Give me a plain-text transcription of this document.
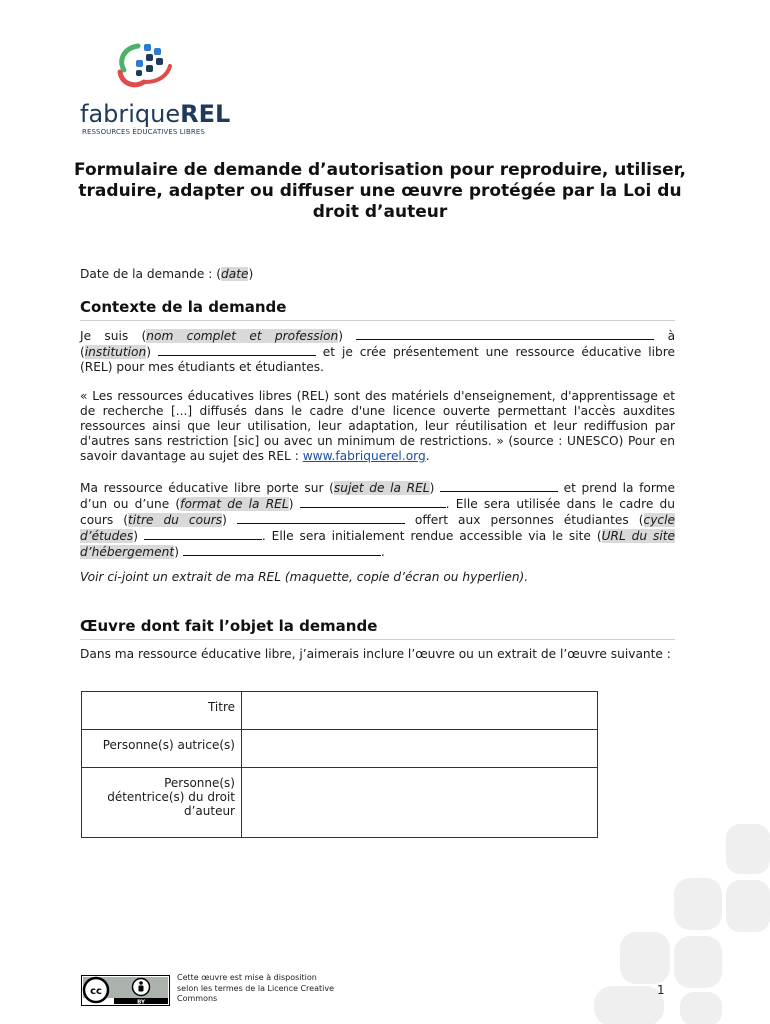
fabriqueREL
RESSOURCES ÉDUCATIVES LIBRES
Formulaire de demande d’autorisation pour reproduire, utiliser, traduire, adapter ou diffuser une œuvre protégée par la Loi du droit d’auteur
Date de la demande : (date)
Contexte de la demande
Je suis (nom complet et profession)	à (institution)	et je crée présentement une ressource éducative libre (REL) pour mes étudiants et étudiantes.
« Les ressources éducatives libres (REL) sont des matériels d'enseignement, d'apprentissage et de recherche [...] diffusés dans le cadre d'une licence ouverte permettant l'accès auxdites ressources ainsi que leur utilisation, leur adaptation, leur réutilisation et leur rediffusion par d'autres sans restriction [sic] ou avec un minimum de restrictions. » (source : UNESCO) Pour en savoir davantage au sujet des REL : www.fabriquerel.org.
Ma ressource éducative libre porte sur (sujet de la REL)	et prend la forme d’un ou d’une (format de la REL)	. Elle sera utilisée dans le cadre du cours (titre du cours)	offert aux personnes étudiantes (cycle d’études)	. Elle sera initialement rendue accessible via le site (URL du site d’hébergement)	.
Voir ci-joint un extrait de ma REL (maquette, copie d’écran ou hyperlien).
Œuvre dont fait l’objet la demande
Dans ma ressource éducative libre, j’aimerais inclure l’œuvre ou un extrait de l’œuvre suivante :
Titre	
Personne(s) autrice(s)	
Personne(s) détentrice(s) du droit d’auteur	
cc
BY
Cette œuvre est mise à disposition selon les termes de la Licence Creative Commons
1
